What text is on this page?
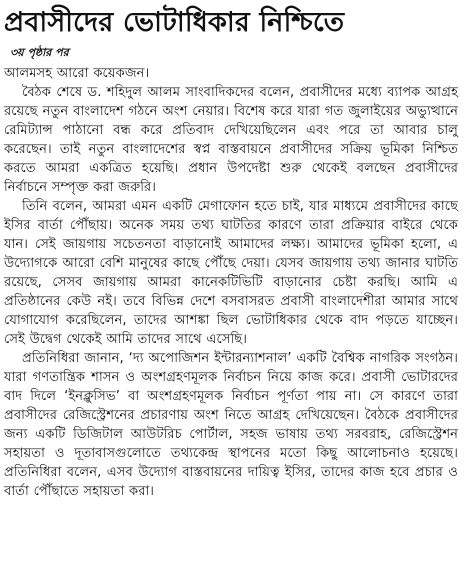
প্রবাসীদের ভোটাধিকার নিশ্চিতে
৩য় পৃষ্ঠার পর

আলমসহ আরো কয়েকজন।

বৈঠক শেষে ড. শহিদুল আলম সাংবাদিকদের বলেন, প্রবাসীদের মধ্যে ব্যাপক আগ্রহ রয়েছে নতুন বাংলাদেশ গঠনে অংশ নেয়ার। বিশেষ করে যারা গত জুলাইয়ের অভ্যুত্থানে রেমিট্যান্স পাঠানো বন্ধ করে প্রতিবাদ দেখিয়েছিলেন এবং পরে তা আবার চালু করেছেন। তাই নতুন বাংলাদেশের স্বপ্ন বাস্তবায়নে প্রবাসীদের সক্রিয় ভূমিকা নিশ্চিত করতে আমরা একত্রিত হয়েছি। প্রধান উপদেষ্টা শুরু থেকেই বলছেন প্রবাসীদের নির্বাচনে সম্পৃক্ত করা জরুরি।

তিনি বলেন, আমরা এমন একটি মেগাফোন হতে চাই, যার মাধ্যমে প্রবাসীদের কাছে ইসির বার্তা পৌঁছায়। অনেক সময় তথ্য ঘাটতির কারণে তারা প্রক্রিয়ার বাইরে থেকে যান। সেই জায়গায় সচেতনতা বাড়ানোই আমাদের লক্ষ্য। আমাদের ভূমিকা হলো, এ উদ্যোগকে আরো বেশি মানুষের কাছে পৌঁছে দেয়া। যেসব জায়গায় তথ্য জানার ঘাটতি রয়েছে, সেসব জায়গায় আমরা কানেকটিভিটি বাড়ানোর চেষ্টা করছি। আমি এ প্রতিষ্ঠানের কেউ নই। তবে বিভিন্ন দেশে বসবাসরত প্রবাসী বাংলাদেশীরা আমার সাথে যোগাযোগ করেছিলেন, তাদের আশঙ্কা ছিল ভোটাধিকার থেকে বাদ পড়তে যাচ্ছেন। সেই উদ্বেগ থেকেই আমি তাদের সাথে এসেছি।

প্রতিনিধিরা জানান, ‘দ্য অপোজিশন ইন্টারন্যাশনাল’ একটি বৈশ্বিক নাগরিক সংগঠন। যারা গণতান্ত্রিক শাসন ও অংশগ্রহণমূলক নির্বাচন নিয়ে কাজ করে। প্রবাসী ভোটারদের বাদ দিলে ‘ইনক্লুসিভ’ বা অংশগ্রহণমূলক নির্বাচন পূর্ণতা পায় না। সে কারণে তারা প্রবাসীদের রেজিস্ট্রেশনের প্রচারণায় অংশ নিতে আগ্রহ দেখিয়েছেন। বৈঠকে প্রবাসীদের জন্য একটি ডিজিটাল আউটরিচ পোর্টাল, সহজ ভাষায় তথ্য সরবরাহ, রেজিস্ট্রেশন সহায়তা ও দূতাবাসগুলোতে তথ্যকেন্দ্র স্থাপনের মতো কিছু আলোচনাও হয়েছে। প্রতিনিধিরা বলেন, এসব উদ্যোগ বাস্তবায়নের দায়িত্ব ইসির, তাদের কাজ হবে প্রচার ও বার্তা পৌঁছাতে সহায়তা করা।
